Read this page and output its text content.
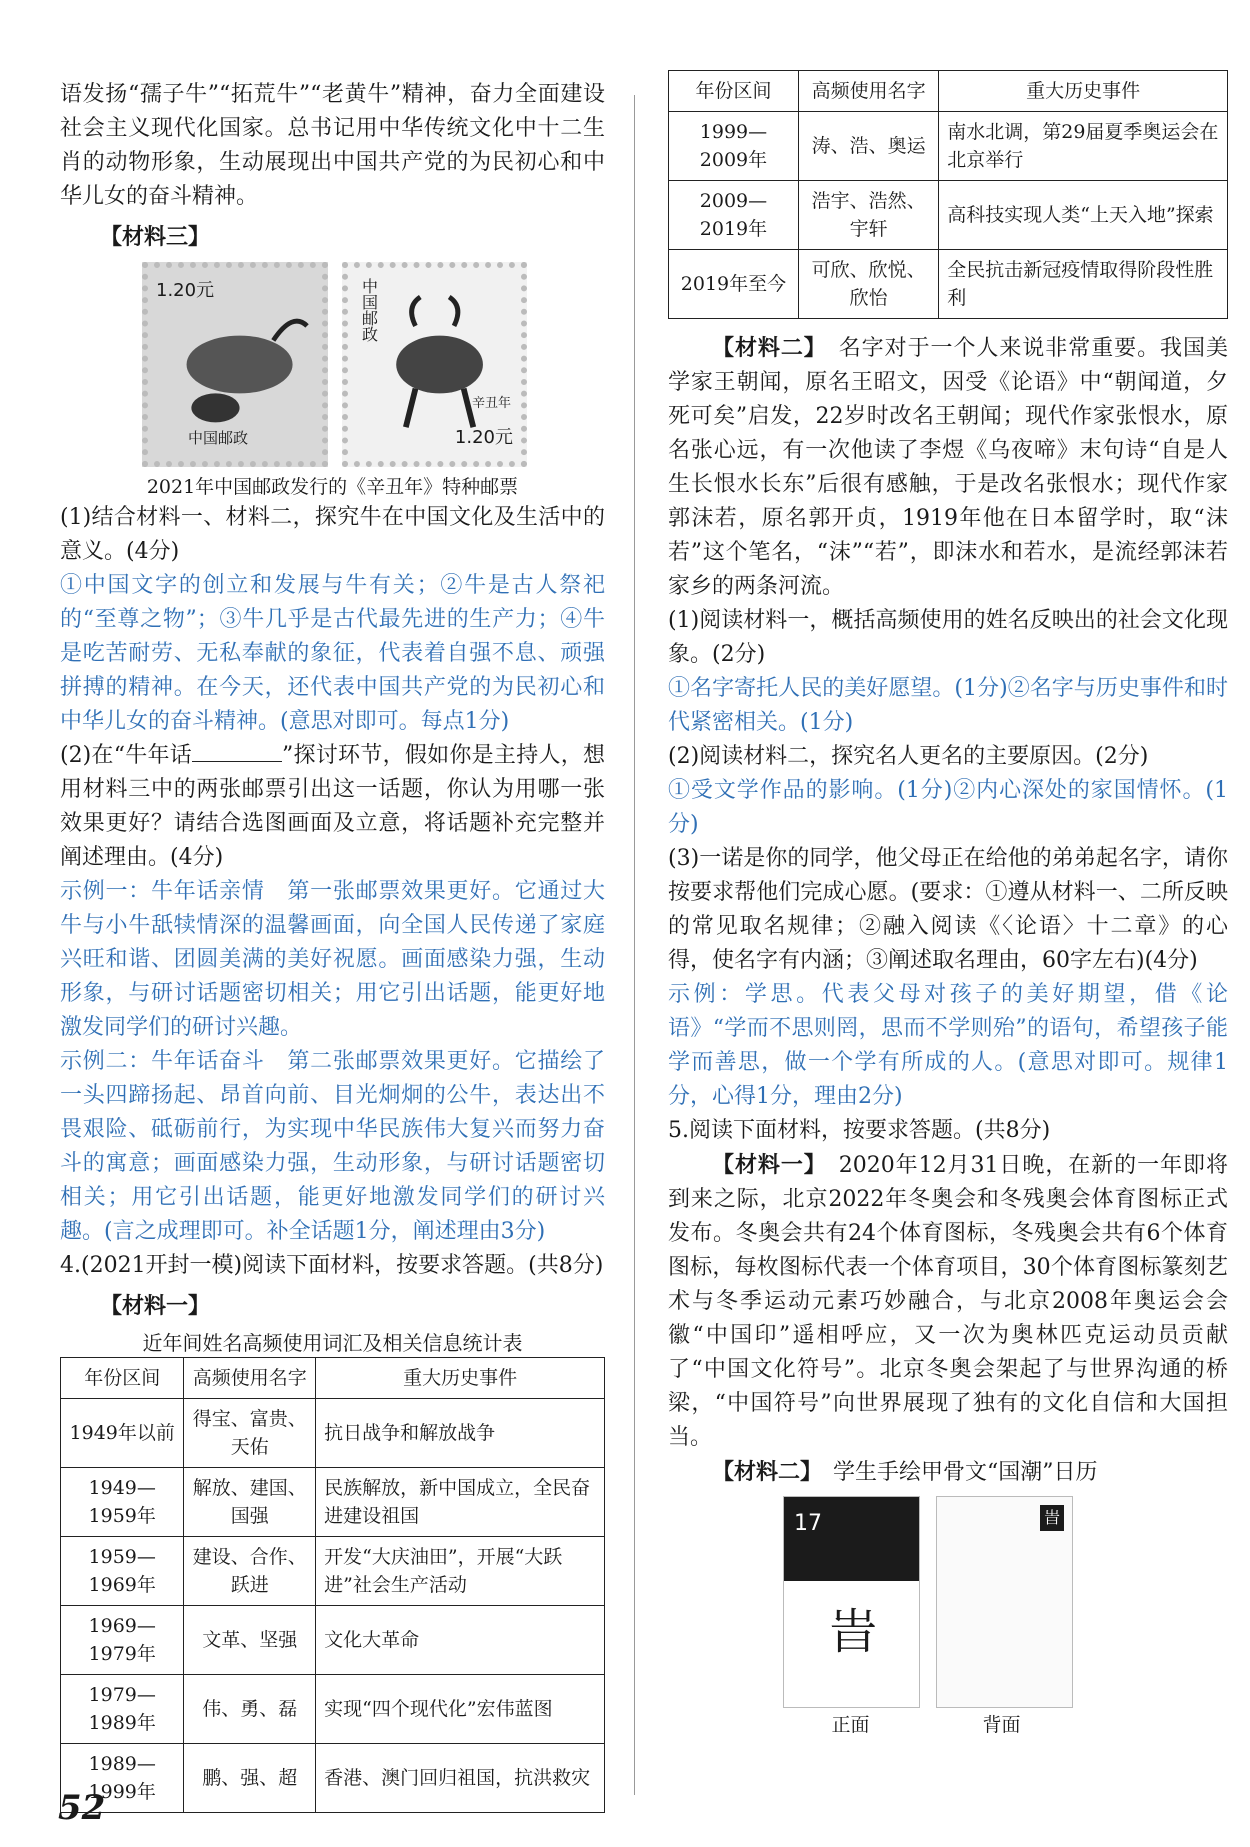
语发扬“孺子牛”“拓荒牛”“老黄牛”精神，奋力全面建设社会主义现代化国家。总书记用中华传统文化中十二生肖的动物形象，生动展现出中国共产党的为民初心和中华儿女的奋斗精神。

【材料三】
1.20元
中国邮政
中国邮政
辛丑年
1.20元
2021年中国邮政发行的《辛丑年》特种邮票

(1)结合材料一、材料二，探究牛在中国文化及生活中的意义。(4分)

①中国文字的创立和发展与牛有关；②牛是古人祭祀的“至尊之物”；③牛几乎是古代最先进的生产力；④牛是吃苦耐劳、无私奉献的象征，代表着自强不息、顽强拼搏的精神。在今天，还代表中国共产党的为民初心和中华儿女的奋斗精神。(意思对即可。每点1分)

(2)在“牛年话	”探讨环节，假如你是主持人，想用材料三中的两张邮票引出这一话题，你认为用哪一张效果更好？请结合选图画面及立意，将话题补充完整并阐述理由。(4分)

示例一：牛年话亲情　第一张邮票效果更好。它通过大牛与小牛舐犊情深的温馨画面，向全国人民传递了家庭兴旺和谐、团圆美满的美好祝愿。画面感染力强，生动形象，与研讨话题密切相关；用它引出话题，能更好地激发同学们的研讨兴趣。

示例二：牛年话奋斗　第二张邮票效果更好。它描绘了一头四蹄扬起、昂首向前、目光炯炯的公牛，表达出不畏艰险、砥砺前行，为实现中华民族伟大复兴而努力奋斗的寓意；画面感染力强，生动形象，与研讨话题密切相关；用它引出话题，能更好地激发同学们的研讨兴趣。(言之成理即可。补全话题1分，阐述理由3分)

4.(2021开封一模)阅读下面材料，按要求答题。(共8分)

【材料一】
近年间姓名高频使用词汇及相关信息统计表
年份区间	高频使用名字	重大历史事件
1949年以前	得宝、富贵、天佑	抗日战争和解放战争
1949—1959年	解放、建国、国强	民族解放，新中国成立，全民奋进建设祖国
1959—1969年	建设、合作、跃进	开发“大庆油田”，开展“大跃进”社会生产活动
1969—1979年	文革、坚强	文化大革命
1979—1989年	伟、勇、磊	实现“四个现代化”宏伟蓝图
1989—1999年	鹏、强、超	香港、澳门回归祖国，抗洪救灾
年份区间	高频使用名字	重大历史事件
1999—2009年	涛、浩、奥运	南水北调，第29届夏季奥运会在北京举行
2009—2019年	浩宇、浩然、宇轩	高科技实现人类“上天入地”探索
2019年至今	可欣、欣悦、欣怡	全民抗击新冠疫情取得阶段性胜利

【材料二】　 名字对于一个人来说非常重要。我国美学家王朝闻，原名王昭文，因受《论语》中“朝闻道，夕死可矣”启发，22岁时改名王朝闻；现代作家张恨水，原名张心远，有一次他读了李煜《乌夜啼》末句诗“自是人生长恨水长东”后很有感触，于是改名张恨水；现代作家郭沫若，原名郭开贞，1919年他在日本留学时，取“沫若”这个笔名，“沫”“若”，即沫水和若水，是流经郭沫若家乡的两条河流。

(1)阅读材料一，概括高频使用的姓名反映出的社会文化现象。(2分)

①名字寄托人民的美好愿望。(1分)②名字与历史事件和时代紧密相关。(1分)

(2)阅读材料二，探究名人更名的主要原因。(2分)

①受文学作品的影响。(1分)②内心深处的家国情怀。(1分)

(3)一诺是你的同学，他父母正在给他的弟弟起名字，请你按要求帮他们完成心愿。(要求：①遵从材料一、二所反映的常见取名规律；②融入阅读《〈论语〉十二章》的心得，使名字有内涵；③阐述取名理由，60字左右)(4分)

示例：学思。代表父母对孩子的美好期望，借《论语》“学而不思则罔，思而不学则殆”的语句，希望孩子能学而善思，做一个学有所成的人。(意思对即可。规律1分，心得1分，理由2分)

5.阅读下面材料，按要求答题。(共8分)

【材料一】　 2020年12月31日晚，在新的一年即将到来之际，北京2022年冬奥会和冬残奥会体育图标正式发布。冬奥会共有24个体育图标，冬残奥会共有6个体育图标，每枚图标代表一个体育项目，30个体育图标篆刻艺术与冬季运动元素巧妙融合，与北京2008年奥运会会徽“中国印”遥相呼应，又一次为奥林匹克运动员贡献了“中国文化符号”。北京冬奥会架起了与世界沟通的桥梁，“中国符号”向世界展现了独有的文化自信和大国担当。

【材料二】　 学生手绘甲骨文“国潮”日历

17
旹
旹
正面	背面
52
